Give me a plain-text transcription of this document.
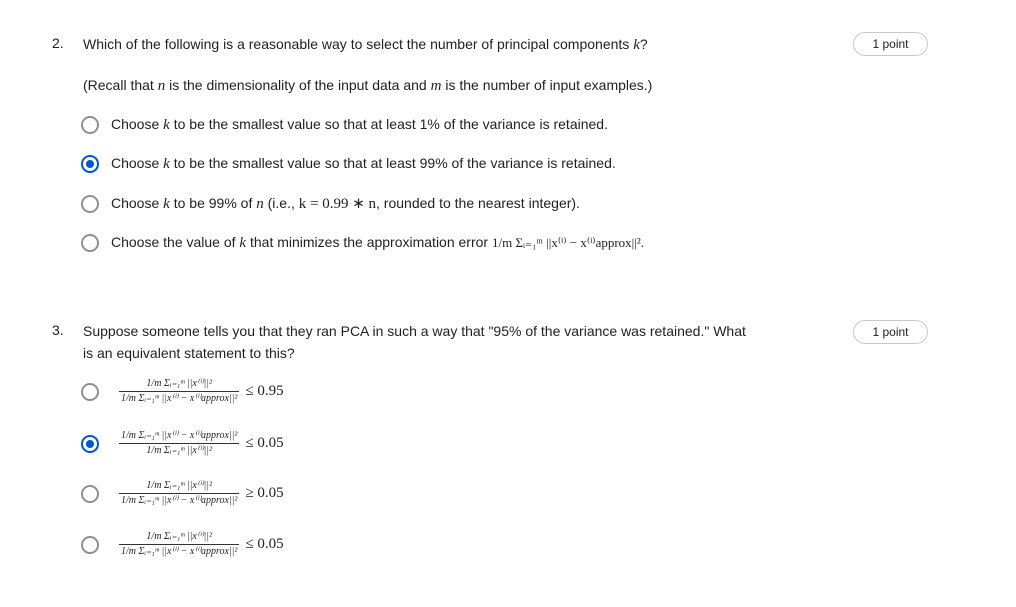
2. Which of the following is a reasonable way to select the number of principal components k?	1 point
(Recall that n is the dimensionality of the input data and m is the number of input examples.)
Choose k to be the smallest value so that at least 1% of the variance is retained.
Choose k to be the smallest value so that at least 99% of the variance is retained.
Choose k to be 99% of n (i.e., k = 0.99 ∗ n, rounded to the nearest integer).
Choose the value of k that minimizes the approximation error 1/m Σᵢ₌₁ᵐ ||x⁽ⁱ⁾ − x⁽ⁱ⁾approx||².
3. Suppose someone tells you that they ran PCA in such a way that "95% of the variance was retained." What
is an equivalent statement to this?
1 point
$\frac{\text{1/m Σᵢ₌₁ᵐ ||x⁽ⁱ⁾||²}}{\text{1/m Σᵢ₌₁ᵐ ||x⁽ⁱ⁾ − x⁽ⁱ⁾approx||²}} \le 0.95$
$\frac{\text{1/m Σᵢ₌₁ᵐ ||x⁽ⁱ⁾ − x⁽ⁱ⁾approx||²}}{\text{1/m Σᵢ₌₁ᵐ ||x⁽ⁱ⁾||²}} \le 0.05$
$\frac{\text{1/m Σᵢ₌₁ᵐ ||x⁽ⁱ⁾||²}}{\text{1/m Σᵢ₌₁ᵐ ||x⁽ⁱ⁾ − x⁽ⁱ⁾approx||²}} \ge 0.05$
$\frac{\text{1/m Σᵢ₌₁ᵐ ||x⁽ⁱ⁾||²}}{\text{1/m Σᵢ₌₁ᵐ ||x⁽ⁱ⁾ − x⁽ⁱ⁾approx||²}} \le 0.05$
